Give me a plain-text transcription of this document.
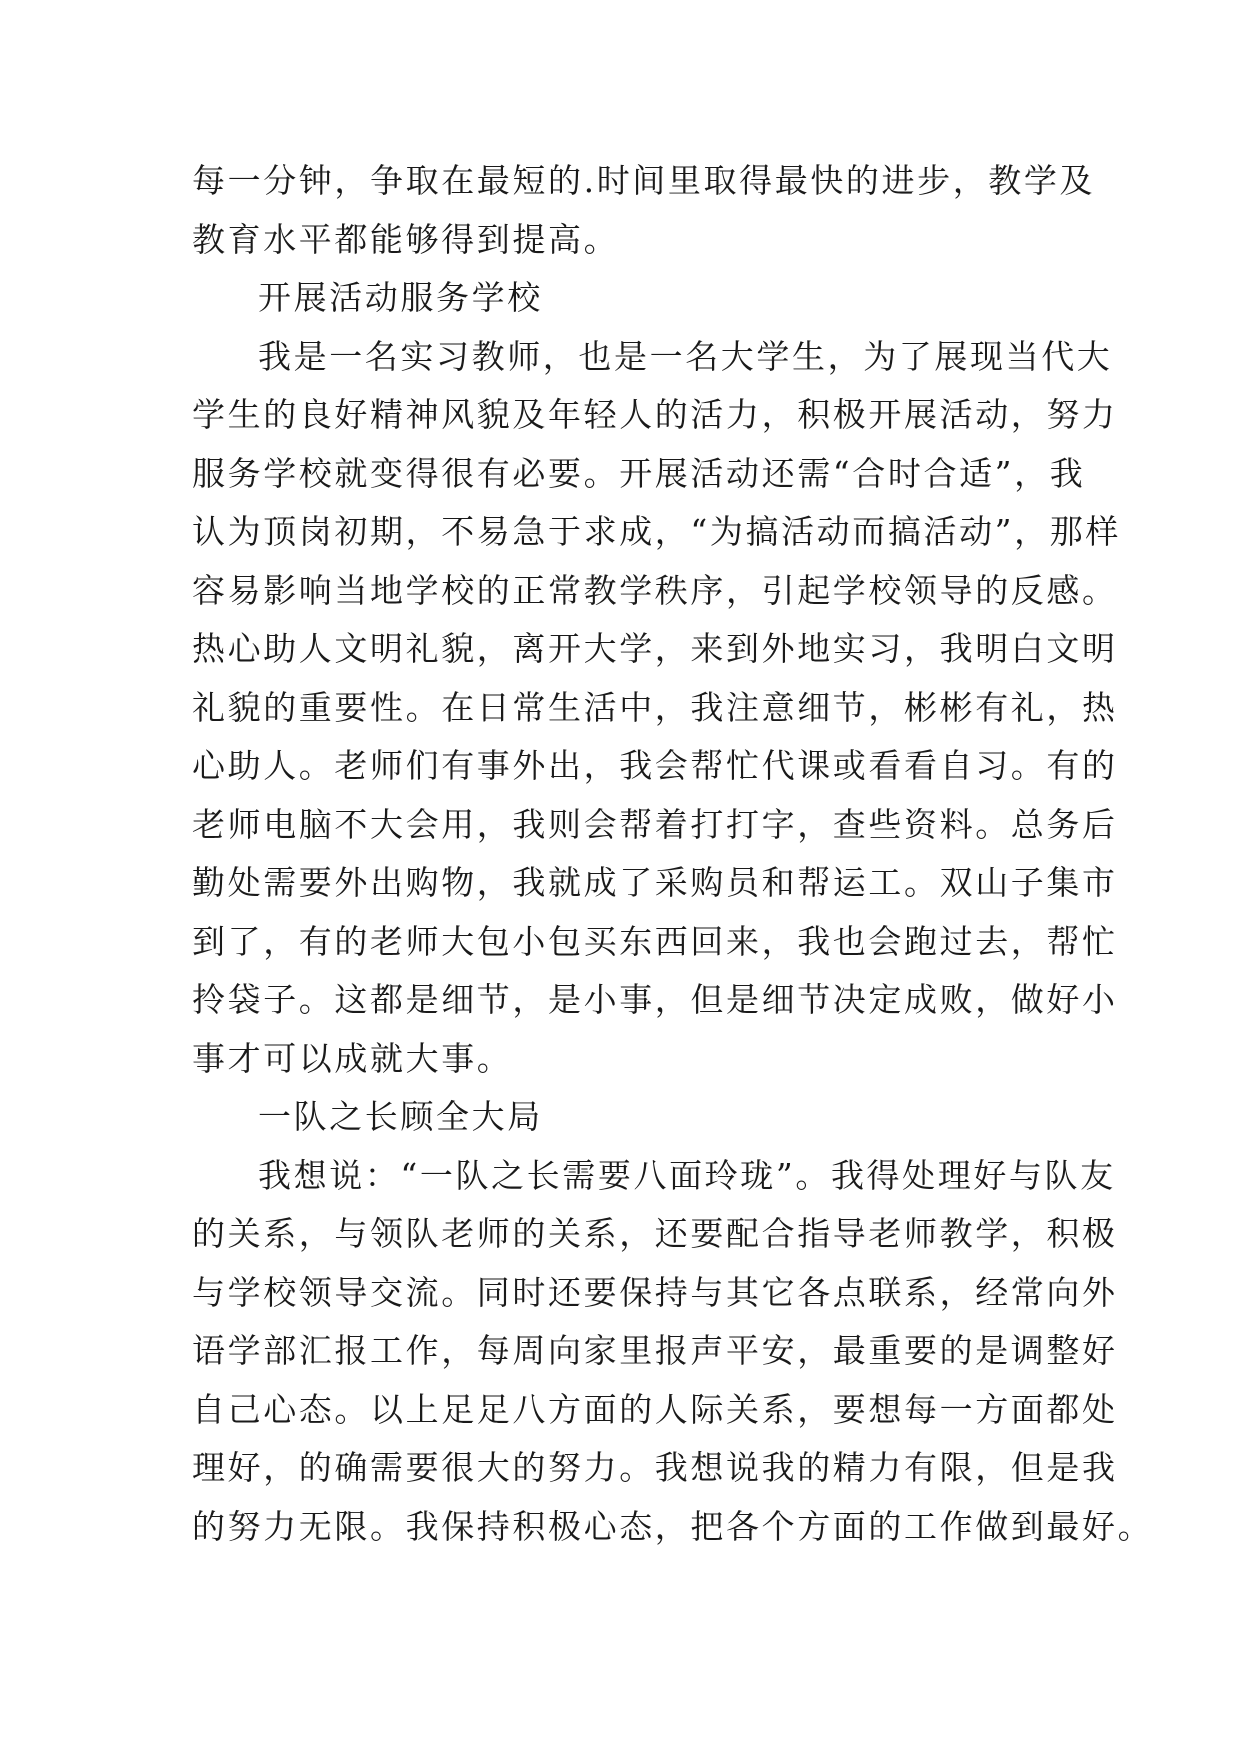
每一分钟，争取在最短的.时间里取得最快的进步，教学及
教育水平都能够得到提高。
开展活动服务学校
我是一名实习教师，也是一名大学生，为了展现当代大
学生的良好精神风貌及年轻人的活力，积极开展活动，努力
服务学校就变得很有必要。开展活动还需“合时合适”，我
认为顶岗初期，不易急于求成，“为搞活动而搞活动”，那样
容易影响当地学校的正常教学秩序，引起学校领导的反感。
热心助人文明礼貌，离开大学，来到外地实习，我明白文明
礼貌的重要性。在日常生活中，我注意细节，彬彬有礼，热
心助人。老师们有事外出，我会帮忙代课或看看自习。有的
老师电脑不大会用，我则会帮着打打字，查些资料。总务后
勤处需要外出购物，我就成了采购员和帮运工。双山子集市
到了，有的老师大包小包买东西回来，我也会跑过去，帮忙
拎袋子。这都是细节，是小事，但是细节决定成败，做好小
事才可以成就大事。
一队之长顾全大局
我想说：“一队之长需要八面玲珑”。我得处理好与队友
的关系，与领队老师的关系，还要配合指导老师教学，积极
与学校领导交流。同时还要保持与其它各点联系，经常向外
语学部汇报工作，每周向家里报声平安，最重要的是调整好
自己心态。以上足足八方面的人际关系，要想每一方面都处
理好，的确需要很大的努力。我想说我的精力有限，但是我
的努力无限。我保持积极心态，把各个方面的工作做到最好。
